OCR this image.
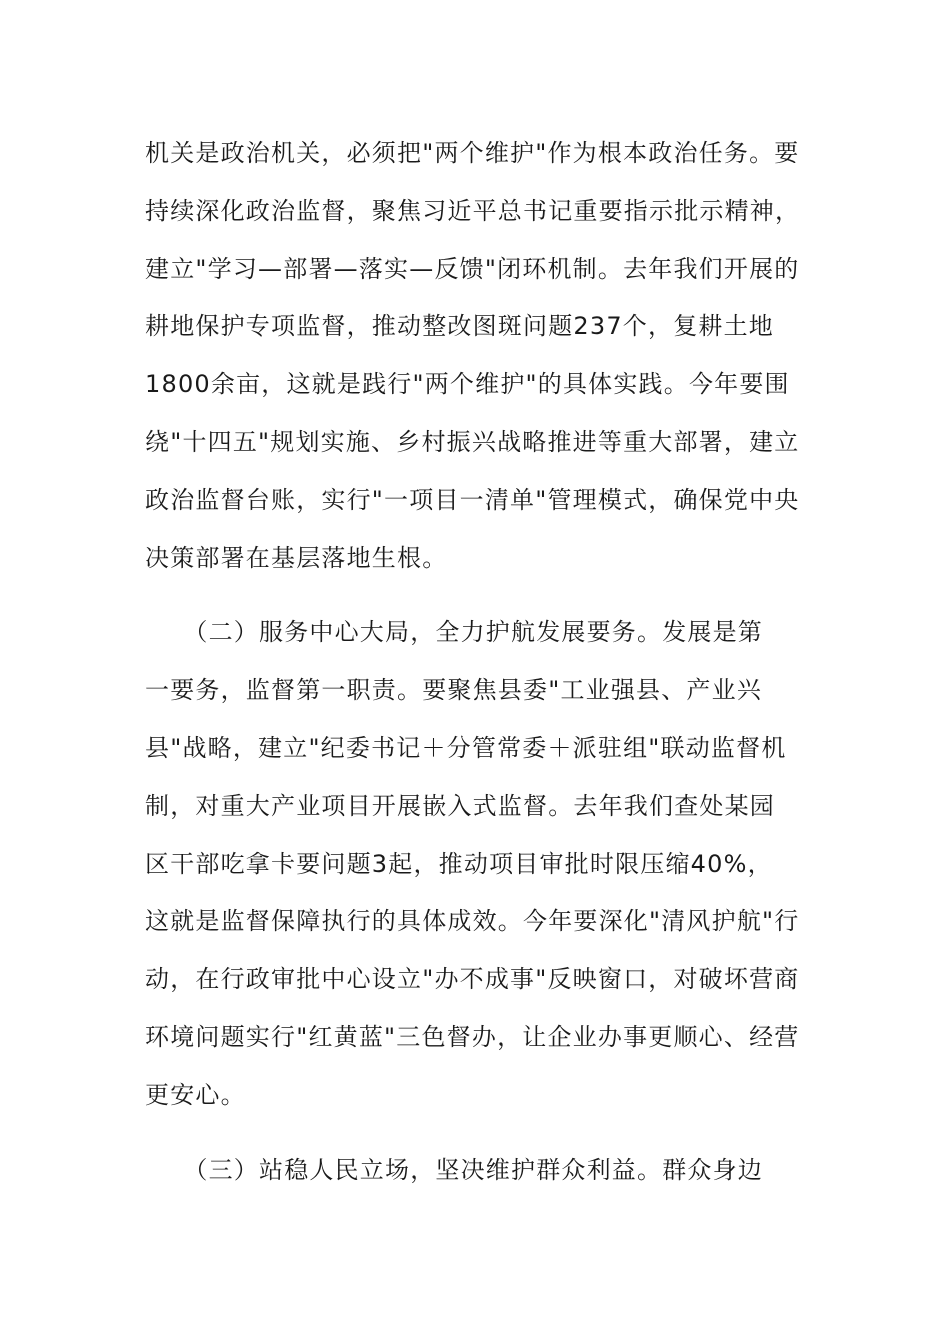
机关是政治机关，必须把"两个维护"作为根本政治任务。要
持续深化政治监督，聚焦习近平总书记重要指示批示精神，
建立"学习—部署—落实—反馈"闭环机制。去年我们开展的
耕地保护专项监督，推动整改图斑问题237个，复耕土地
1800余亩，这就是践行"两个维护"的具体实践。今年要围
绕"十四五"规划实施、乡村振兴战略推进等重大部署，建立
政治监督台账，实行"一项目一清单"管理模式，确保党中央
决策部署在基层落地生根。
　　（二）服务中心大局，全力护航发展要务。发展是第
一要务，监督第一职责。要聚焦县委"工业强县、产业兴
县"战略，建立"纪委书记＋分管常委＋派驻组"联动监督机
制，对重大产业项目开展嵌入式监督。去年我们查处某园
区干部吃拿卡要问题3起，推动项目审批时限压缩40%，
这就是监督保障执行的具体成效。今年要深化"清风护航"行
动，在行政审批中心设立"办不成事"反映窗口，对破坏营商
环境问题实行"红黄蓝"三色督办，让企业办事更顺心、经营
更安心。
　　（三）站稳人民立场，坚决维护群众利益。群众身边
